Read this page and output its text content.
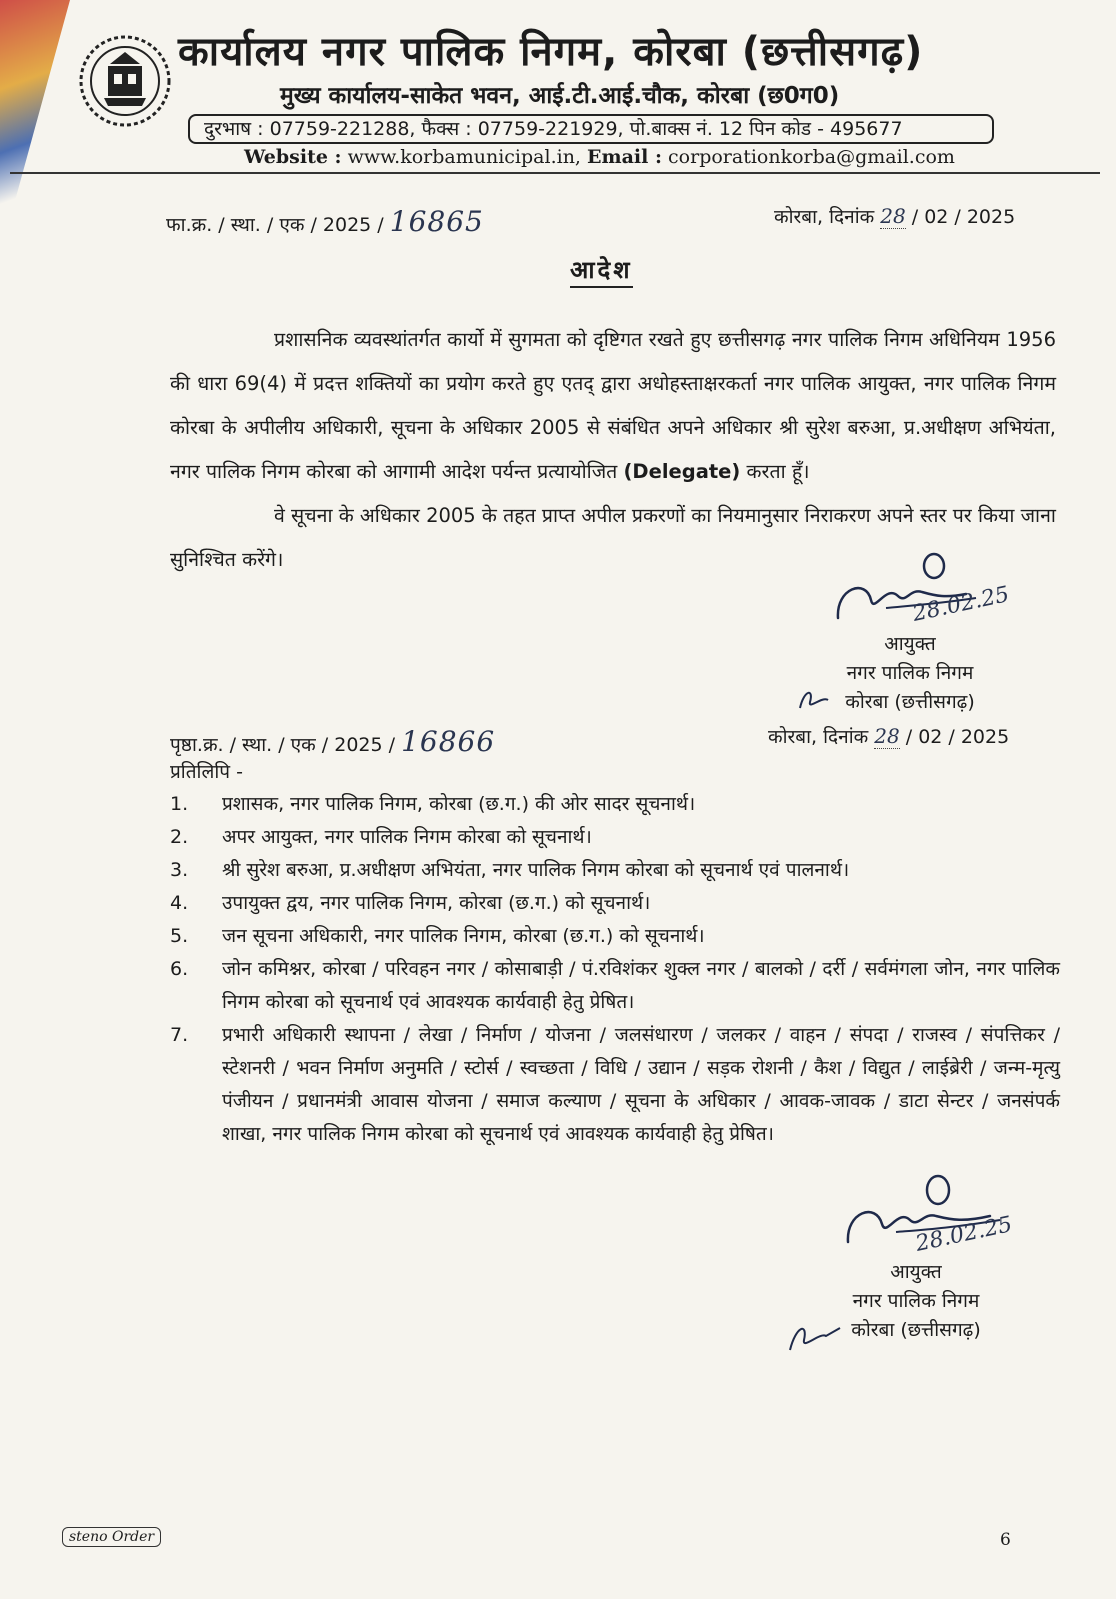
कार्यालय नगर पालिक निगम, कोरबा (छत्तीसगढ़)
मुख्य कार्यालय-साकेत भवन, आई.टी.आई.चौक, कोरबा (छ0ग0)
दुरभाष : 07759-221288, फैक्स : 07759-221929, पो.बाक्स नं. 12 पिन कोड - 495677
Website : www.korbamunicipal.in, Email : corporationkorba@gmail.com
फा.क्र. / स्था. / एक / 2025 / 16865	कोरबा, दिनांक 28 / 02 / 2025
आदेश

प्रशासनिक व्यवस्थांतर्गत कार्यो में सुगमता को दृष्टिगत रखते हुए छत्तीसगढ़ नगर पालिक निगम अधिनियम 1956 की धारा 69(4) में प्रदत्त शक्तियों का प्रयोग करते हुए एतद् द्वारा अधोहस्ताक्षरकर्ता नगर पालिक आयुक्त, नगर पालिक निगम कोरबा के अपीलीय अधिकारी, सूचना के अधिकार 2005 से संबंधित अपने अधिकार श्री सुरेश बरुआ, प्र.अधीक्षण अभियंता, नगर पालिक निगम कोरबा को आगामी आदेश पर्यन्त प्रत्यायोजित (Delegate) करता हूँ।

वे सूचना के अधिकार 2005 के तहत प्राप्त अपील प्रकरणों का नियमानुसार निराकरण अपने स्तर पर किया जाना सुनिश्चित करेंगे।

28.02.25
आयुक्त
नगर पालिक निगम
कोरबा (छत्तीसगढ़)
पृष्ठा.क्र. / स्था. / एक / 2025 / 16866	कोरबा, दिनांक 28 / 02 / 2025
प्रतिलिपि -
1.	प्रशासक, नगर पालिक निगम, कोरबा (छ.ग.) की ओर सादर सूचनार्थ।
2.	अपर आयुक्त, नगर पालिक निगम कोरबा को सूचनार्थ।
3.	श्री सुरेश बरुआ, प्र.अधीक्षण अभियंता, नगर पालिक निगम कोरबा को सूचनार्थ एवं पालनार्थ।
4.	उपायुक्त द्वय, नगर पालिक निगम, कोरबा (छ.ग.) को सूचनार्थ।
5.	जन सूचना अधिकारी, नगर पालिक निगम, कोरबा (छ.ग.) को सूचनार्थ।
6.	जोन कमिश्नर, कोरबा / परिवहन नगर / कोसाबाड़ी / पं.रविशंकर शुक्ल नगर / बालको / दर्री / सर्वमंगला जोन, नगर पालिक निगम कोरबा को सूचनार्थ एवं आवश्यक कार्यवाही हेतु प्रेषित।
7.	प्रभारी अधिकारी स्थापना / लेखा / निर्माण / योजना / जलसंधारण / जलकर / वाहन / संपदा / राजस्व / संपत्तिकर / स्टेशनरी / भवन निर्माण अनुमति / स्टोर्स / स्वच्छता / विधि / उद्यान / सड़क रोशनी / कैश / विद्युत / लाईब्रेरी / जन्म-मृत्यु पंजीयन / प्रधानमंत्री आवास योजना / समाज कल्याण / सूचना के अधिकार / आवक-जावक / डाटा सेन्टर / जनसंपर्क शाखा, नगर पालिक निगम कोरबा को सूचनार्थ एवं आवश्यक कार्यवाही हेतु प्रेषित।
28.02.25
आयुक्त
नगर पालिक निगम
कोरबा (छत्तीसगढ़)
steno Order	6
